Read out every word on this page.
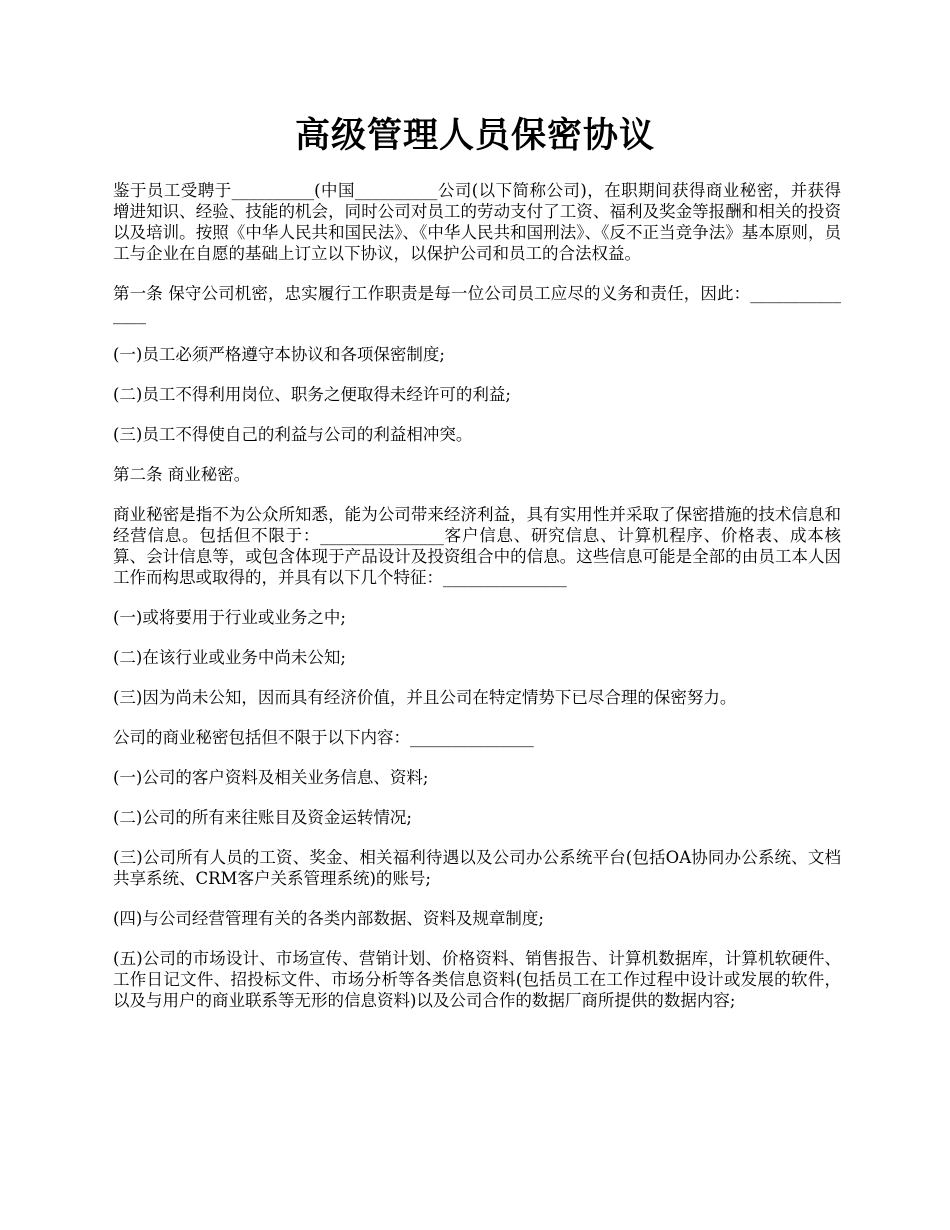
高级管理人员保密协议

鉴于员工受聘于__________(中国__________公司(以下简称公司)，在职期间获得商业秘密，并获得增进知识、经验、技能的机会，同时公司对员工的劳动支付了工资、福利及奖金等报酬和相关的投资以及培训。按照《中华人民共和国民法》、《中华人民共和国刑法》、《反不正当竞争法》基本原则，员工与企业在自愿的基础上订立以下协议，以保护公司和员工的合法权益。

第一条 保守公司机密，忠实履行工作职责是每一位公司员工应尽的义务和责任，因此：_______________

(一)员工必须严格遵守本协议和各项保密制度;

(二)员工不得利用岗位、职务之便取得未经许可的利益;

(三)员工不得使自己的利益与公司的利益相冲突。

第二条 商业秘密。

商业秘密是指不为公众所知悉，能为公司带来经济利益，具有实用性并采取了保密措施的技术信息和经营信息。包括但不限于：_______________客户信息、研究信息、计算机程序、价格表、成本核算、会计信息等，或包含体现于产品设计及投资组合中的信息。这些信息可能是全部的由员工本人因工作而构思或取得的，并具有以下几个特征：_______________

(一)或将要用于行业或业务之中;

(二)在该行业或业务中尚未公知;

(三)因为尚未公知，因而具有经济价值，并且公司在特定情势下已尽合理的保密努力。

公司的商业秘密包括但不限于以下内容：_______________

(一)公司的客户资料及相关业务信息、资料;

(二)公司的所有来往账目及资金运转情况;

(三)公司所有人员的工资、奖金、相关福利待遇以及公司办公系统平台(包括OA协同办公系统、文档共享系统、CRM客户关系管理系统)的账号;

(四)与公司经营管理有关的各类内部数据、资料及规章制度;

(五)公司的市场设计、市场宣传、营销计划、价格资料、销售报告、计算机数据库，计算机软硬件、工作日记文件、招投标文件、市场分析等各类信息资料(包括员工在工作过程中设计或发展的软件，以及与用户的商业联系等无形的信息资料)以及公司合作的数据厂商所提供的数据内容;
